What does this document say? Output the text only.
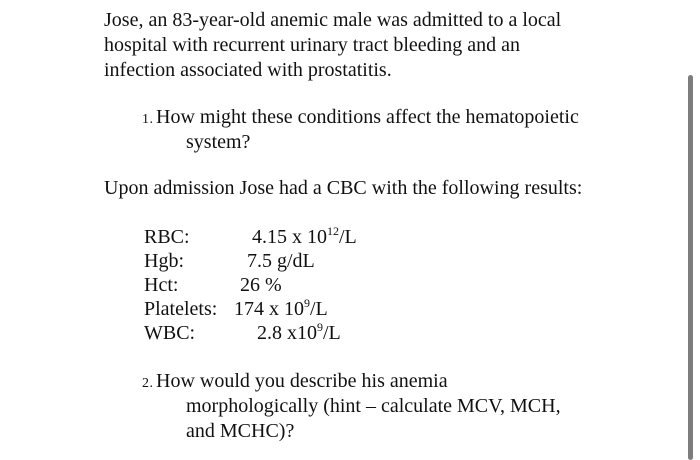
Jose, an 83-year-old anemic male was admitted to a local
hospital with recurrent urinary tract bleeding and an
infection associated with prostatitis.
1. How might these conditions affect the hematopoietic
system?
Upon admission Jose had a CBC with the following results:
RBC:	4.15 x $10^{12}/L$
Hgb:	7.5 g/dL
Hct:	26 %
Platelets: 174 x $10^9/L$
WBC:	2.8 $x10^9/L$
2. How would you describe his anemia
morphologically (hint – calculate MCV, MCH,
and MCHC)?
